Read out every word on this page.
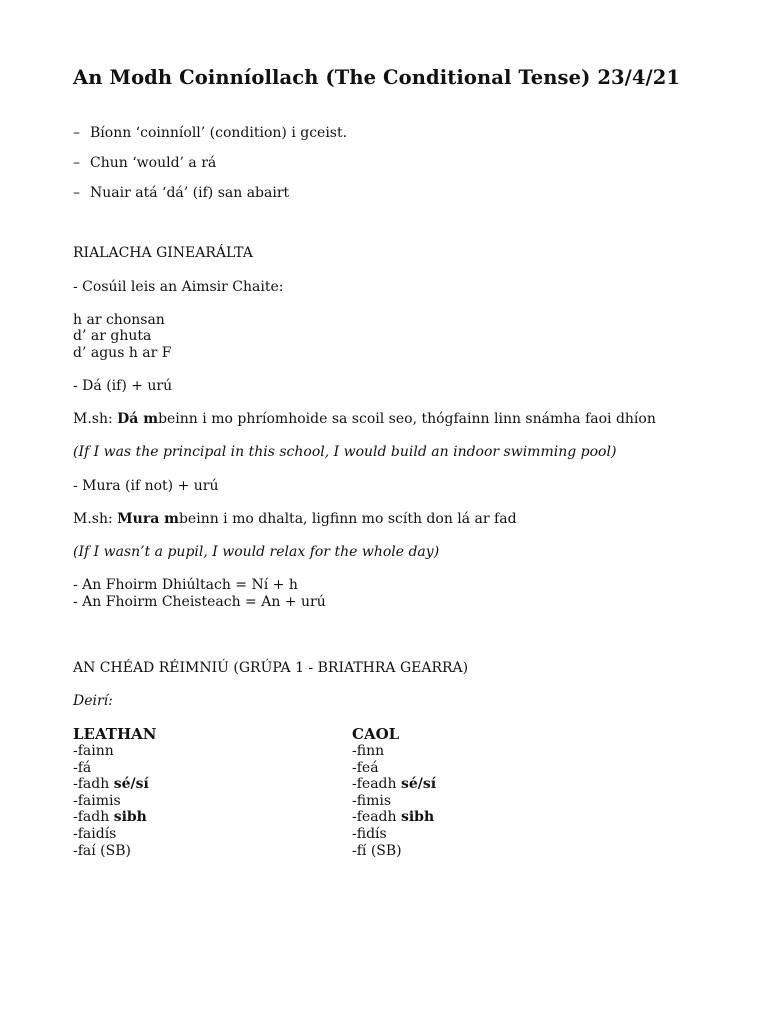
An Modh Coinníollach (The Conditional Tense) 23/4/21
– Bíonn ‘coinníoll’ (condition) i gceist.
– Chun ‘would’ a rá
– Nuair atá ‘dá’ (if) san abairt
RIALACHA GINEARÁLTA
- Cosúil leis an Aimsir Chaite:
h ar chonsan
d’ ar ghuta
d’ agus h ar F
- Dá (if) + urú
M.sh: Dá mbeinn i mo phríomhoide sa scoil seo, thógfainn linn snámha faoi dhíon
(If I was the principal in this school, I would build an indoor swimming pool)
- Mura (if not) + urú
M.sh: Mura mbeinn i mo dhalta, ligfinn mo scíth don lá ar fad
(If I wasn’t a pupil, I would relax for the whole day)
- An Fhoirm Dhiúltach = Ní + h
- An Fhoirm Cheisteach = An + urú
AN CHÉAD RÉIMNIÚ (GRÚPA 1 - BRIATHRA GEARRA)
Deirí:
LEATHAN
-fainn
-fá
-fadh sé/sí
-faimis
-fadh sibh
-faidís
-faí (SB)
CAOL
-finn
-feá
-feadh sé/sí
-fimis
-feadh sibh
-fidís
-fí (SB)
